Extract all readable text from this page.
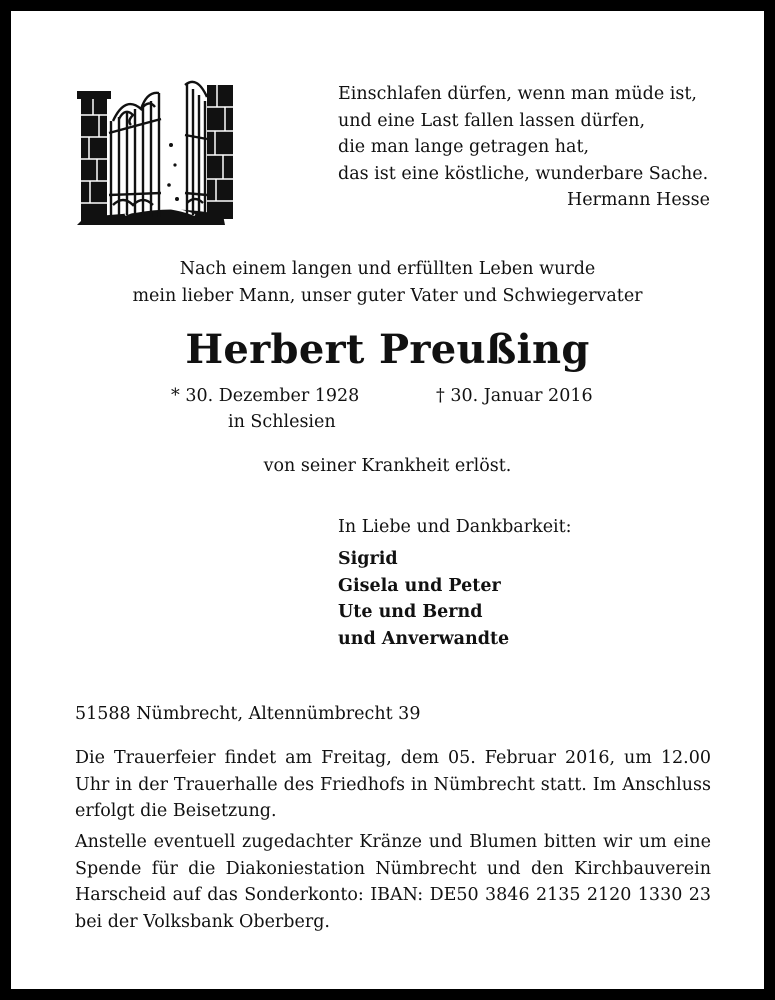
Einschlafen dürfen, wenn man müde ist,
und eine Last fallen lassen dürfen,
die man lange getragen hat,
das ist eine köstliche, wunderbare Sache.
Hermann Hesse
Nach einem langen und erfüllten Leben wurde
mein lieber Mann, unser guter Vater und Schwiegervater
Herbert Preußing
* 30. Dezember 1928
in Schlesien
† 30. Januar 2016
von seiner Krankheit erlöst.
In Liebe und Dankbarkeit:
Sigrid
Gisela und Peter
Ute und Bernd
und Anverwandte
51588 Nümbrecht, Altennümbrecht 39
Die Trauerfeier findet am Freitag, dem 05. Februar 2016, um 12.00 Uhr in der Trauerhalle des Friedhofs in Nümbrecht statt. Im Anschluss erfolgt die Beisetzung.
Anstelle eventuell zugedachter Kränze und Blumen bitten wir um eine Spende für die Diakoniestation Nümbrecht und den Kirchbauverein Harscheid auf das Sonderkonto: IBAN: DE50 3846 2135 2120 1330 23 bei der Volksbank Oberberg.
